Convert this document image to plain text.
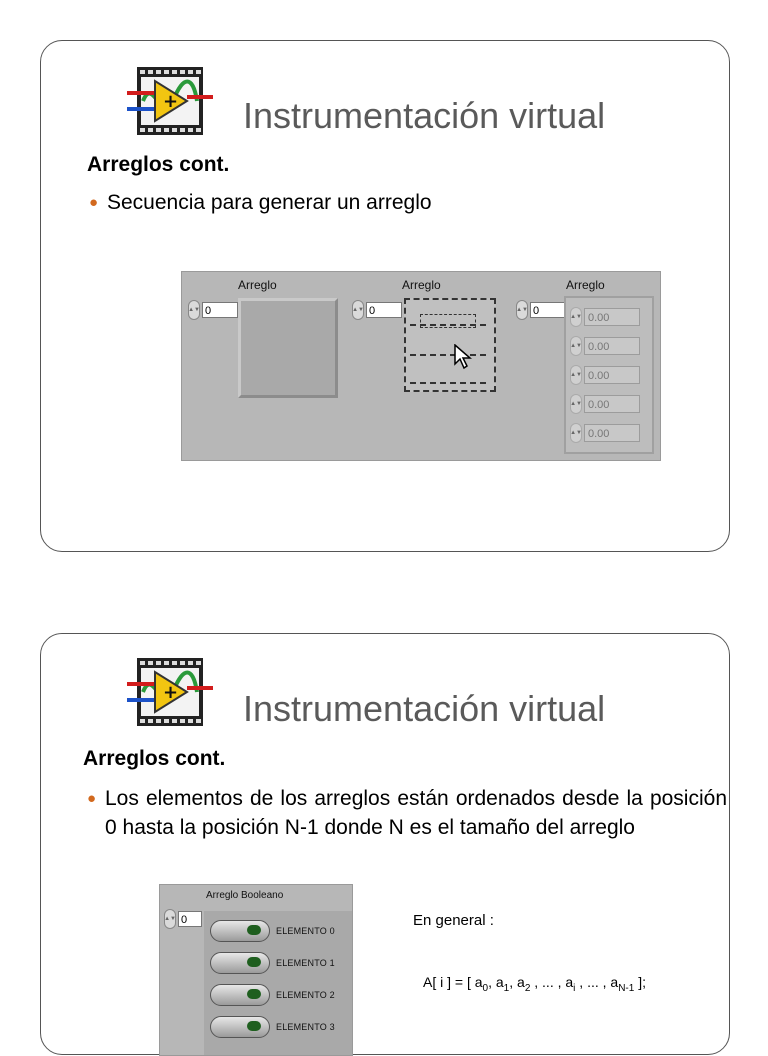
+ Instrumentación virtual
Arreglos cont.
● Secuencia para generar un arreglo
Arreglo
▲▼ 0
Arreglo
▲▼ 0
Arreglo
▲▼ 0	▲▼ 0.00
▲▼ 0.00
▲▼ 0.00
▲▼ 0.00
▲▼ 0.00
+ Instrumentación virtual
Arreglos cont.
● Los elementos de los arreglos están ordenados desde la posición 0 hasta la posición N-1 donde N es el tamaño del arreglo
Arreglo Booleano
▲▼ 0
ELEMENTO 0
ELEMENTO 1
ELEMENTO 2
ELEMENTO 3
En general :
A[ i ] = [ $a_0$, $a_1$, $a_2$ , ... , $a_i$ , ... , $a_{N-1}$ ];
